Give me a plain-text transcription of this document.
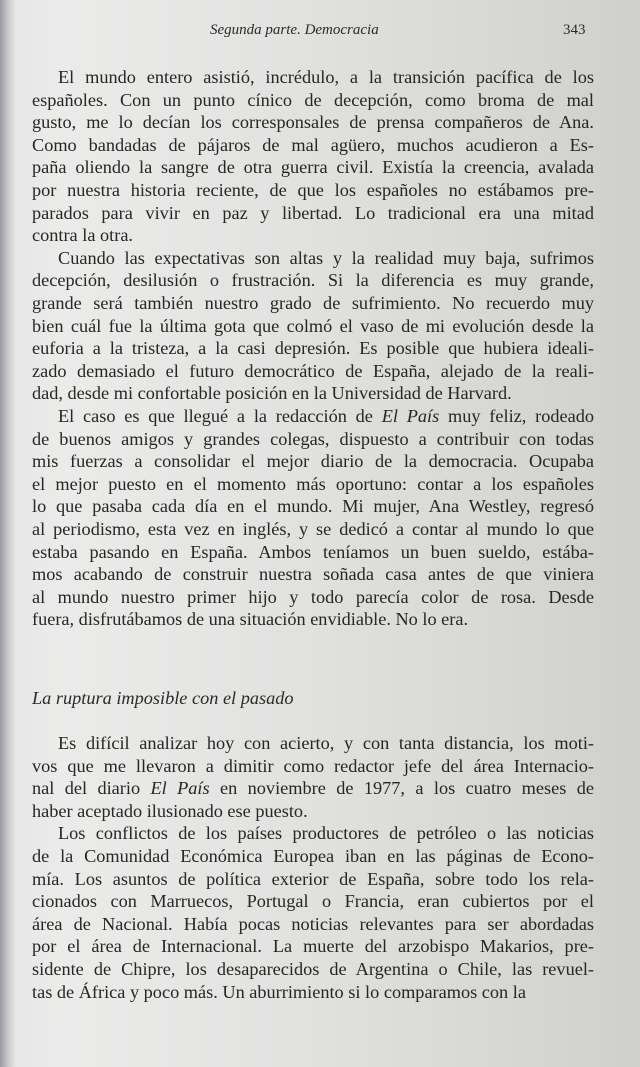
Segunda parte. Democracia	343
El mundo entero asistió, incrédulo, a la transición pacífica de los
españoles. Con un punto cínico de decepción, como broma de mal
gusto, me lo decían los corresponsales de prensa compañeros de Ana.
Como bandadas de pájaros de mal agüero, muchos acudieron a Es-
paña oliendo la sangre de otra guerra civil. Existía la creencia, avalada
por nuestra historia reciente, de que los españoles no estábamos pre-
parados para vivir en paz y libertad. Lo tradicional era una mitad
contra la otra.
Cuando las expectativas son altas y la realidad muy baja, sufrimos
decepción, desilusión o frustración. Si la diferencia es muy grande,
grande será también nuestro grado de sufrimiento. No recuerdo muy
bien cuál fue la última gota que colmó el vaso de mi evolución desde la
euforia a la tristeza, a la casi depresión. Es posible que hubiera ideali-
zado demasiado el futuro democrático de España, alejado de la reali-
dad, desde mi confortable posición en la Universidad de Harvard.
El caso es que llegué a la redacción de El País muy feliz, rodeado
de buenos amigos y grandes colegas, dispuesto a contribuir con todas
mis fuerzas a consolidar el mejor diario de la democracia. Ocupaba
el mejor puesto en el momento más oportuno: contar a los españoles
lo que pasaba cada día en el mundo. Mi mujer, Ana Westley, regresó
al periodismo, esta vez en inglés, y se dedicó a contar al mundo lo que
estaba pasando en España. Ambos teníamos un buen sueldo, estába-
mos acabando de construir nuestra soñada casa antes de que viniera
al mundo nuestro primer hijo y todo parecía color de rosa. Desde
fuera, disfrutábamos de una situación envidiable. No lo era.
La ruptura imposible con el pasado
Es difícil analizar hoy con acierto, y con tanta distancia, los moti-
vos que me llevaron a dimitir como redactor jefe del área Internacio-
nal del diario El País en noviembre de 1977, a los cuatro meses de
haber aceptado ilusionado ese puesto.
Los conflictos de los países productores de petróleo o las noticias
de la Comunidad Económica Europea iban en las páginas de Econo-
mía. Los asuntos de política exterior de España, sobre todo los rela-
cionados con Marruecos, Portugal o Francia, eran cubiertos por el
área de Nacional. Había pocas noticias relevantes para ser abordadas
por el área de Internacional. La muerte del arzobispo Makarios, pre-
sidente de Chipre, los desaparecidos de Argentina o Chile, las revuel-
tas de África y poco más. Un aburrimiento si lo comparamos con la
